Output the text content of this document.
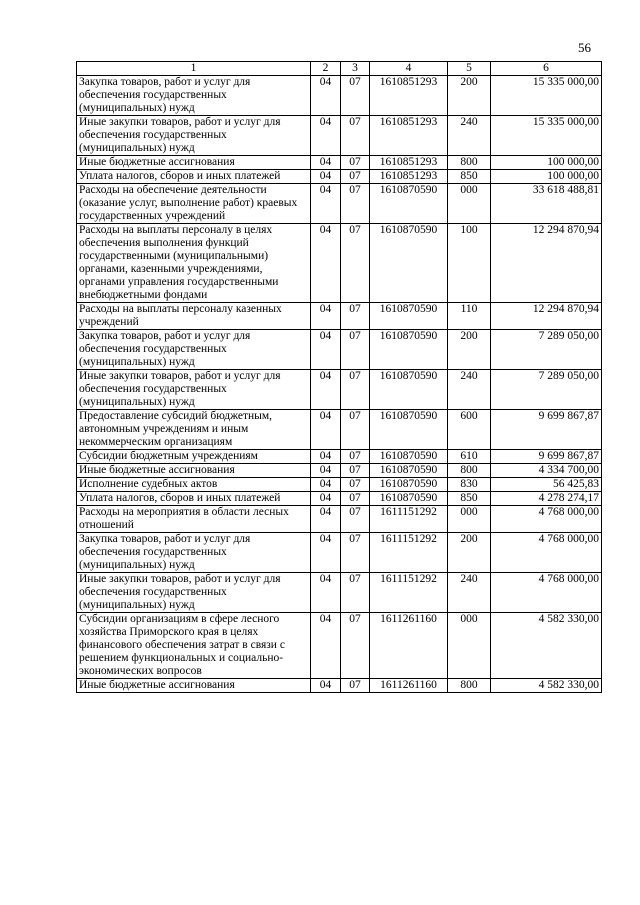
56
1	2	3	4	5	6
Закупка товаров, работ и услуг для обеспечения государственных (муниципальных) нужд	04	07	1610851293	200	15 335 000,00
Иные закупки товаров, работ и услуг для обеспечения государственных (муниципальных) нужд	04	07	1610851293	240	15 335 000,00
Иные бюджетные ассигнования	04	07	1610851293	800	100 000,00
Уплата налогов, сборов и иных платежей	04	07	1610851293	850	100 000,00
Расходы на обеспечение деятельности (оказание услуг, выполнение работ) краевых государственных учреждений	04	07	1610870590	000	33 618 488,81
Расходы на выплаты персоналу в целях обеспечения выполнения функций государственными (муниципальными) органами, казенными учреждениями, органами управления государственными внебюджетными фондами	04	07	1610870590	100	12 294 870,94
Расходы на выплаты персоналу казенных учреждений	04	07	1610870590	110	12 294 870,94
Закупка товаров, работ и услуг для обеспечения государственных (муниципальных) нужд	04	07	1610870590	200	7 289 050,00
Иные закупки товаров, работ и услуг для обеспечения государственных (муниципальных) нужд	04	07	1610870590	240	7 289 050,00
Предоставление субсидий бюджетным, автономным учреждениям и иным некоммерческим организациям	04	07	1610870590	600	9 699 867,87
Субсидии бюджетным учреждениям	04	07	1610870590	610	9 699 867,87
Иные бюджетные ассигнования	04	07	1610870590	800	4 334 700,00
Исполнение судебных актов	04	07	1610870590	830	56 425,83
Уплата налогов, сборов и иных платежей	04	07	1610870590	850	4 278 274,17
Расходы на мероприятия в области лесных отношений	04	07	1611151292	000	4 768 000,00
Закупка товаров, работ и услуг для обеспечения государственных (муниципальных) нужд	04	07	1611151292	200	4 768 000,00
Иные закупки товаров, работ и услуг для обеспечения государственных (муниципальных) нужд	04	07	1611151292	240	4 768 000,00
Субсидии организациям в сфере лесного хозяйства Приморского края в целях финансового обеспечения затрат в связи с решением функциональных и социально-экономических вопросов	04	07	1611261160	000	4 582 330,00
Иные бюджетные ассигнования	04	07	1611261160	800	4 582 330,00
